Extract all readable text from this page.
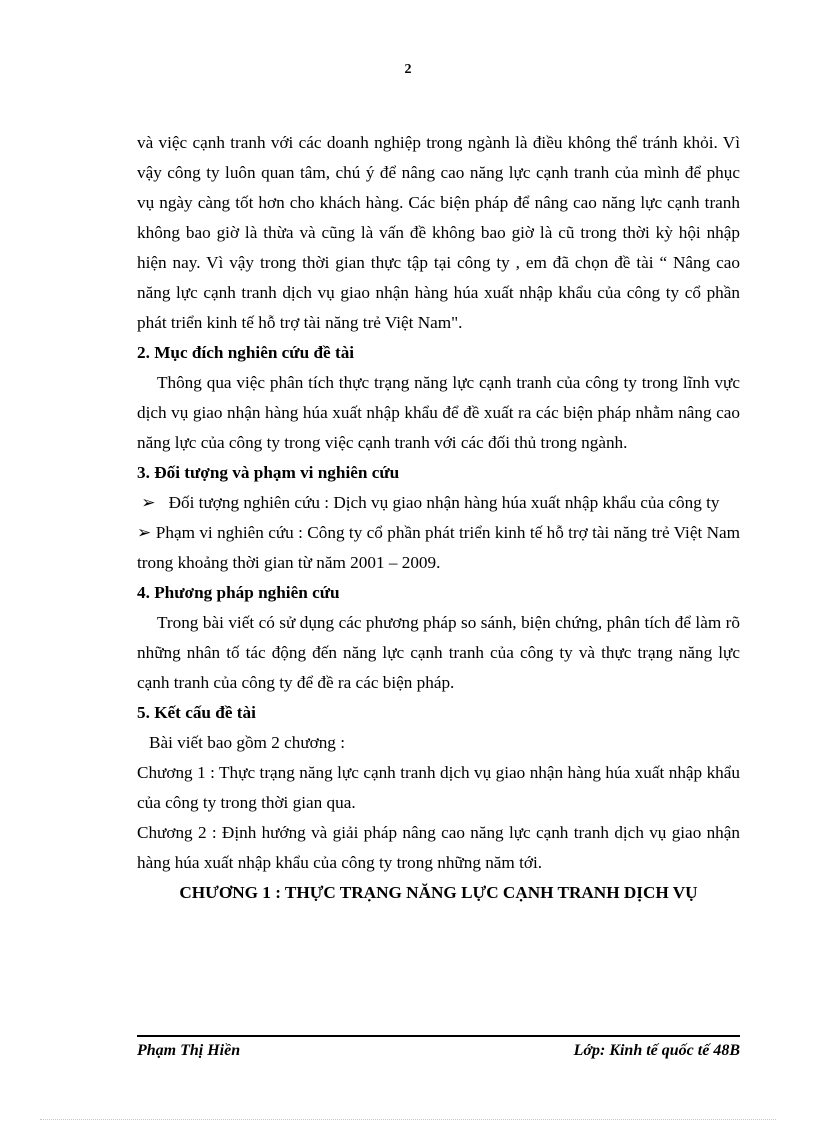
2

và việc cạnh tranh với các doanh nghiệp trong ngành là điều không thể tránh khỏi. Vì vậy công ty luôn quan tâm, chú ý để nâng cao năng lực cạnh tranh của mình để phục vụ ngày càng tốt hơn cho khách hàng. Các biện pháp để nâng cao năng lực cạnh tranh không bao giờ là thừa và cũng là vấn đề không bao giờ là cũ trong thời kỳ hội nhập hiện nay. Vì vậy trong thời gian thực tập tại công ty , em đã chọn đề tài “ Nâng cao năng lực cạnh tranh dịch vụ giao nhận hàng húa xuất nhập khẩu của công ty cổ phần phát triển kinh tế hỗ trợ tài năng trẻ Việt Nam".

2. Mục đích nghiên cứu đề tài

Thông qua việc phân tích thực trạng năng lực cạnh tranh của công ty trong lĩnh vực dịch vụ giao nhận hàng húa xuất nhập khẩu để đề xuất ra các biện pháp nhằm nâng cao năng lực của công ty trong việc cạnh tranh với các đối thủ trong ngành.

3. Đối tượng và phạm vi nghiên cứu

➢ Đối tượng nghiên cứu : Dịch vụ giao nhận hàng húa xuất nhập khẩu của công ty

➢ Phạm vi nghiên cứu : Công ty cổ phần phát triển kinh tế hỗ trợ tài năng trẻ Việt Nam trong khoảng thời gian từ năm 2001 – 2009.

4. Phương pháp nghiên cứu

Trong bài viết có sử dụng các phương pháp so sánh, biện chứng, phân tích để làm rõ những nhân tố tác động đến năng lực cạnh tranh của công ty và thực trạng năng lực cạnh tranh của công ty để đề ra các biện pháp.

5. Kết cấu đề tài

Bài viết bao gồm 2 chương :

Chương 1 : Thực trạng năng lực cạnh tranh dịch vụ giao nhận hàng húa xuất nhập khẩu của công ty trong thời gian qua.

Chương 2 : Định hướng và giải pháp nâng cao năng lực cạnh tranh dịch vụ giao nhận hàng húa xuất nhập khẩu của công ty trong những năm tới.

CHƯƠNG 1 : THỰC TRẠNG NĂNG LỰC CẠNH TRANH DỊCH VỤ

Phạm Thị Hiền	Lớp: Kinh tế quốc tế 48B
